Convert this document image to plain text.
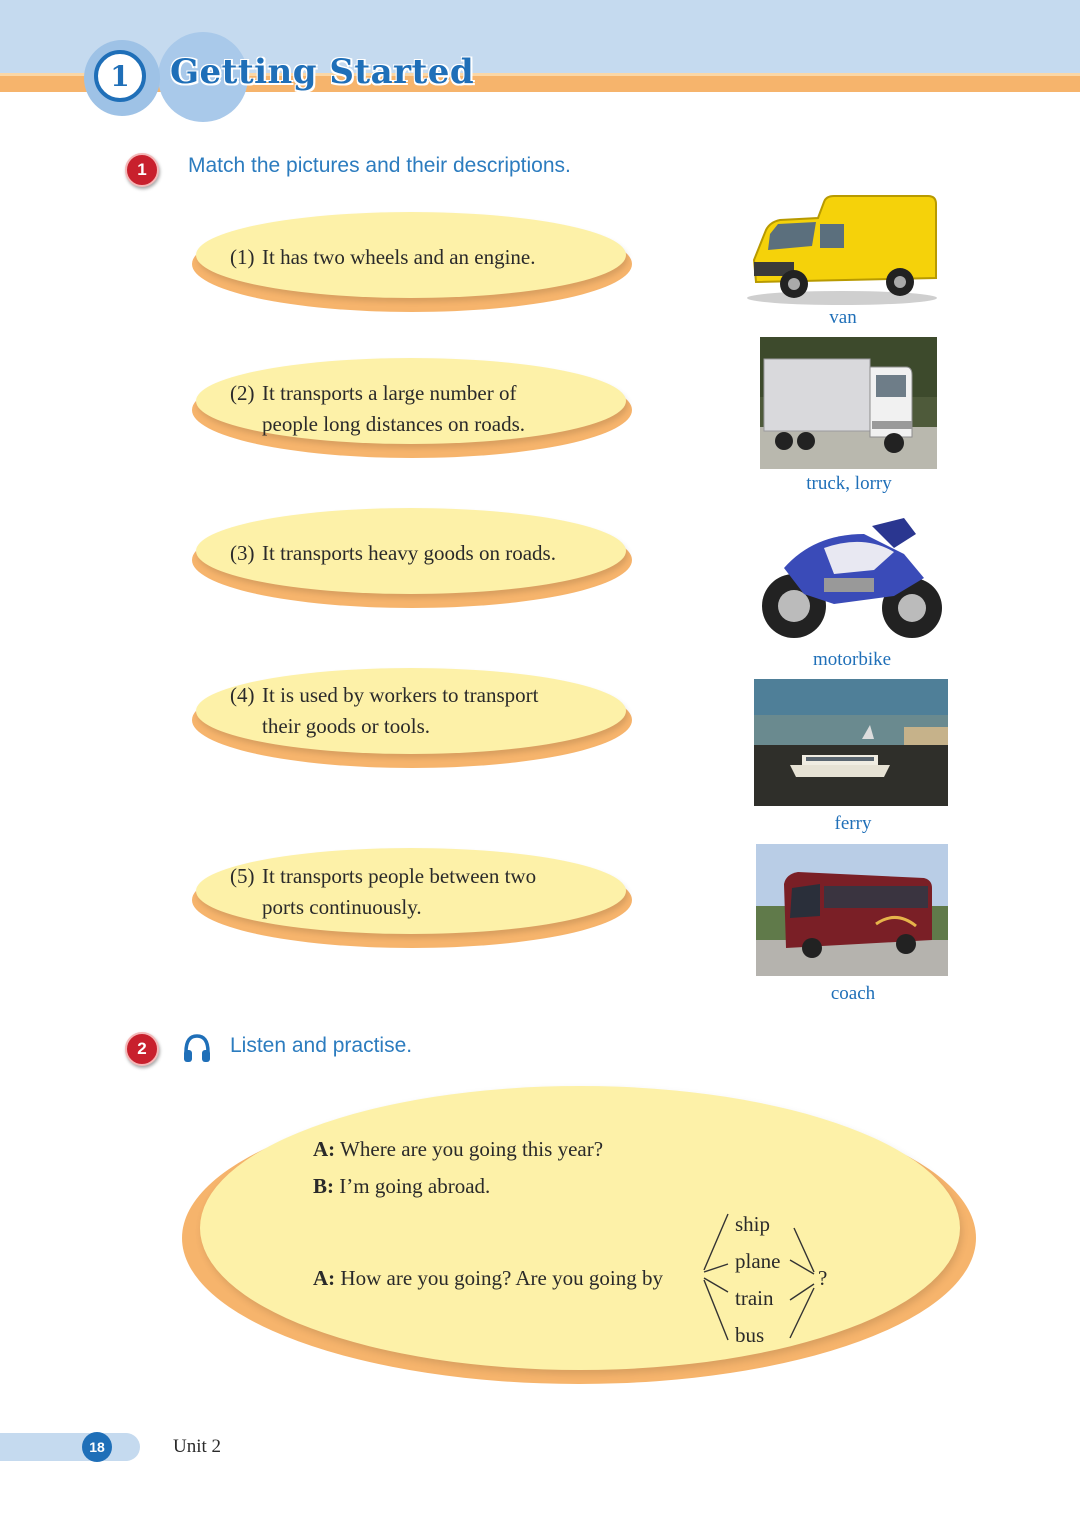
1	Getting Started
1	Match the pictures and their descriptions.
(1) It has two wheels and an engine.
(2) It transports a large number of
people long distances on roads.
(3) It transports heavy goods on roads.
(4) It is used by workers to transport
their goods or tools.
(5) It transports people between two
ports continuously.
van
truck, lorry
motorbike
ferry
coach
2	Listen and practise.
A: Where are you going this year?
B: I’m going abroad.
A: How are you going? Are you going by
ship
plane
train
bus
?
18	Unit 2
